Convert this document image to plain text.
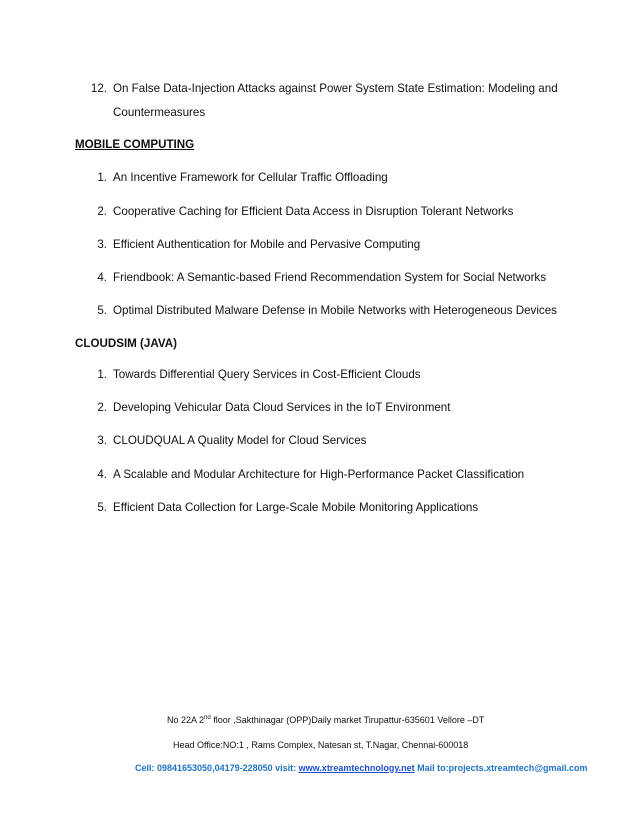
12. On False Data-Injection Attacks against Power System State Estimation: Modeling and
Countermeasures
MOBILE COMPUTING
1. An Incentive Framework for Cellular Traffic Offloading
2. Cooperative Caching for Efficient Data Access in Disruption Tolerant Networks
3. Efficient Authentication for Mobile and Pervasive Computing
4. Friendbook: A Semantic-based Friend Recommendation System for Social Networks
5. Optimal Distributed Malware Defense in Mobile Networks with Heterogeneous Devices
CLOUDSIM (JAVA)
1. Towards Differential Query Services in Cost-Efficient Clouds
2. Developing Vehicular Data Cloud Services in the IoT Environment
3. CLOUDQUAL A Quality Model for Cloud Services
4. A Scalable and Modular Architecture for High-Performance Packet Classification
5. Efficient Data Collection for Large-Scale Mobile Monitoring Applications
No 22A 2nd floor ,Sakthinagar (OPP)Daily market Tirupattur-635601 Vellore –DT
Head Office:NO:1 , Rams Complex, Natesan st, T.Nagar, Chennai-600018
Cell: 09841653050,04179-228050 visit: www.xtreamtechnology.net Mail to:projects.xtreamtech@gmail.com
